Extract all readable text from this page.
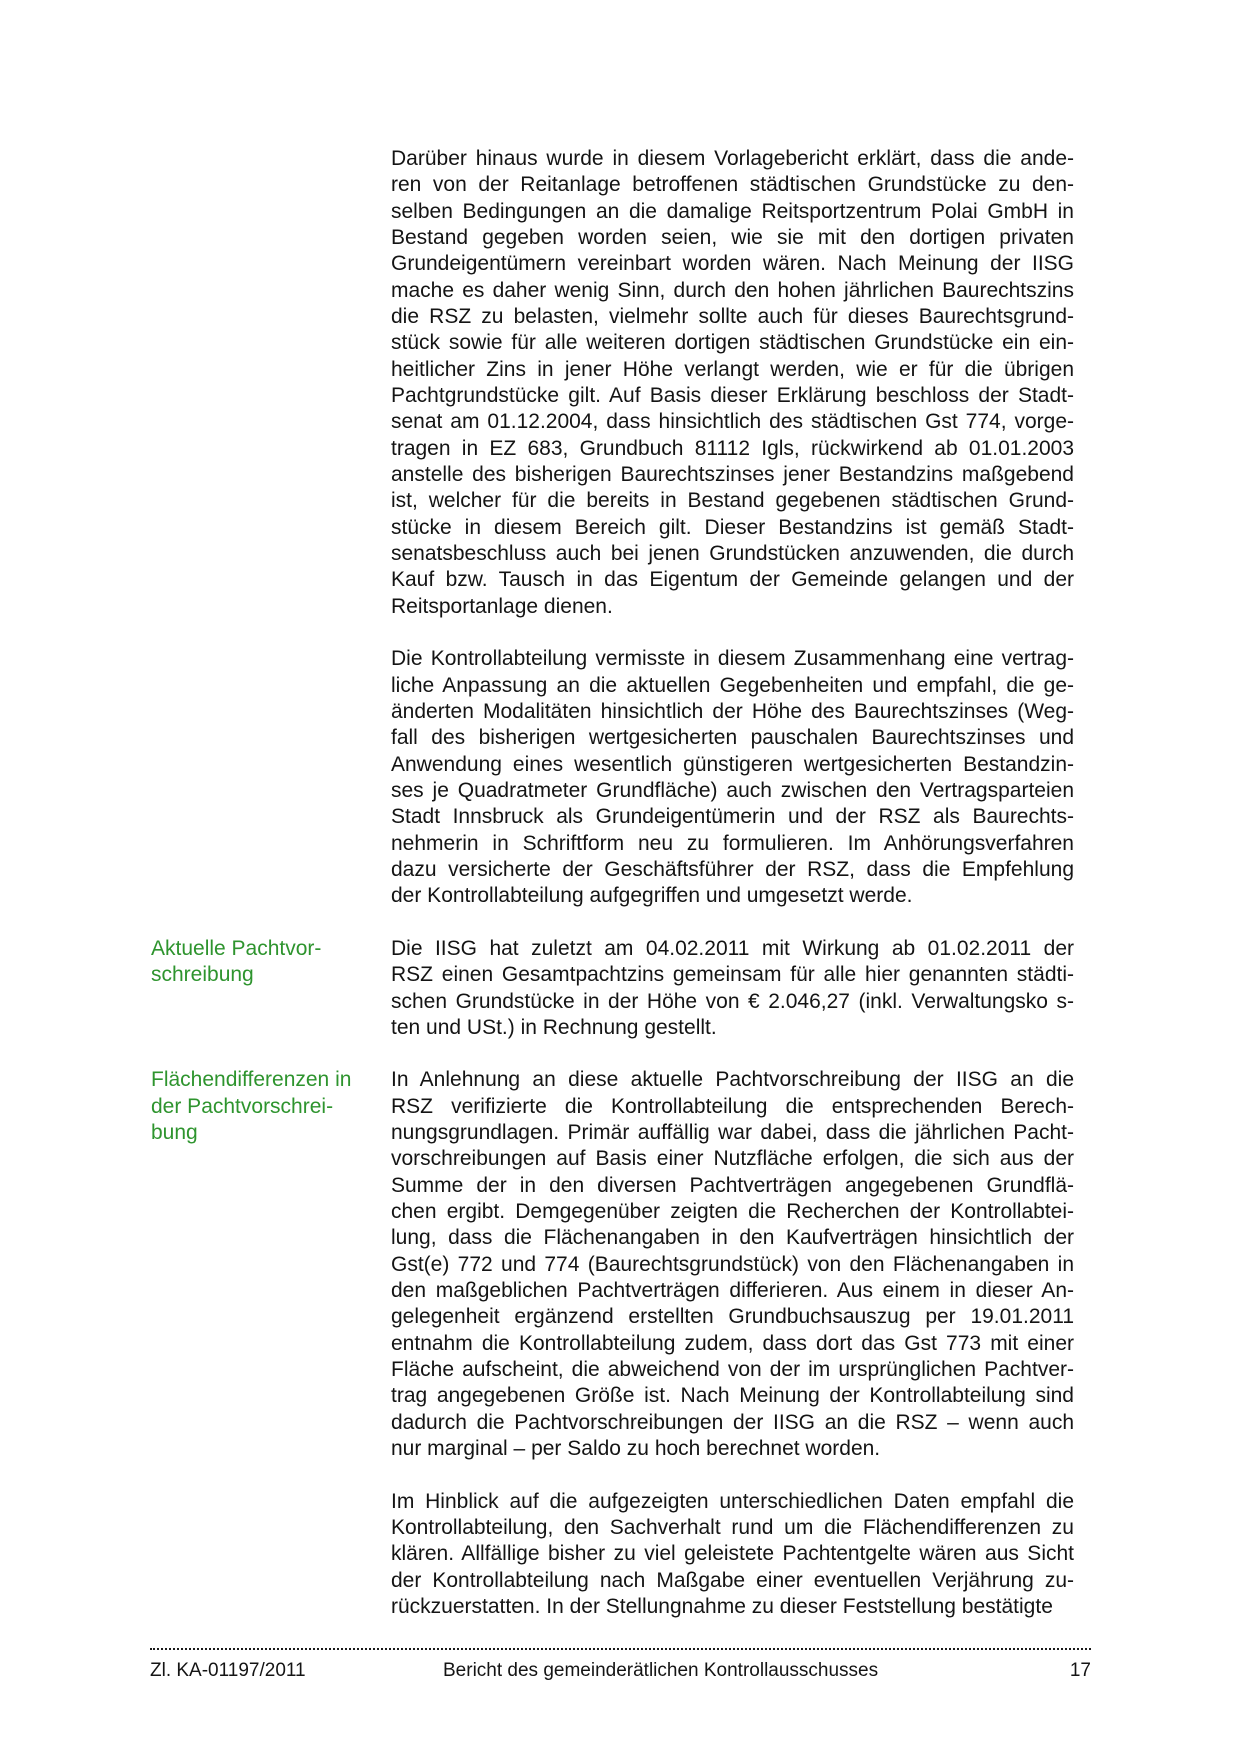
Darüber hinaus wurde in diesem Vorlagebericht erklärt, dass die ande-
ren von der Reitanlage betroffenen städtischen Grundstücke zu den-
selben Bedingungen an die damalige Reitsportzentrum Polai GmbH in
Bestand gegeben worden seien, wie sie mit den dortigen privaten
Grundeigentümern vereinbart worden wären. Nach Meinung der IISG
mache es daher wenig Sinn, durch den hohen jährlichen Baurechtszins
die RSZ zu belasten, vielmehr sollte auch für dieses Baurechtsgrund-
stück sowie für alle weiteren dortigen städtischen Grundstücke ein ein-
heitlicher Zins in jener Höhe verlangt werden, wie er für die übrigen
Pachtgrundstücke gilt. Auf Basis dieser Erklärung beschloss der Stadt-
senat am 01.12.2004, dass hinsichtlich des städtischen Gst 774, vorge-
tragen in EZ 683, Grundbuch 81112 Igls, rückwirkend ab 01.01.2003
anstelle des bisherigen Baurechtszinses jener Bestandzins maßgebend
ist, welcher für die bereits in Bestand gegebenen städtischen Grund-
stücke in diesem Bereich gilt. Dieser Bestandzins ist gemäß Stadt-
senatsbeschluss auch bei jenen Grundstücken anzuwenden, die durch
Kauf bzw. Tausch in das Eigentum der Gemeinde gelangen und der
Reitsportanlage dienen.
Die Kontrollabteilung vermisste in diesem Zusammenhang eine vertrag-
liche Anpassung an die aktuellen Gegebenheiten und empfahl, die ge-
änderten Modalitäten hinsichtlich der Höhe des Baurechtszinses (Weg-
fall des bisherigen wertgesicherten pauschalen Baurechtszinses und
Anwendung eines wesentlich günstigeren wertgesicherten Bestandzin-
ses je Quadratmeter Grundfläche) auch zwischen den Vertragsparteien
Stadt Innsbruck als Grundeigentümerin und der RSZ als Baurechts-
nehmerin in Schriftform neu zu formulieren. Im Anhörungsverfahren
dazu versicherte der Geschäftsführer der RSZ, dass die Empfehlung
der Kontrollabteilung aufgegriffen und umgesetzt werde.
Aktuelle Pachtvor-
schreibung
Die IISG hat zuletzt am 04.02.2011 mit Wirkung ab 01.02.2011 der
RSZ einen Gesamtpachtzins gemeinsam für alle hier genannten städti-
schen Grundstücke in der Höhe von € 2.046,27 (inkl. Verwaltungsko s-
ten und USt.) in Rechnung gestellt.
Flächendifferenzen in
der Pachtvorschrei-
bung
In Anlehnung an diese aktuelle Pachtvorschreibung der IISG an die
RSZ verifizierte die Kontrollabteilung die entsprechenden Berech-
nungsgrundlagen. Primär auffällig war dabei, dass die jährlichen Pacht-
vorschreibungen auf Basis einer Nutzfläche erfolgen, die sich aus der
Summe der in den diversen Pachtverträgen angegebenen Grundflä-
chen ergibt. Demgegenüber zeigten die Recherchen der Kontrollabtei-
lung, dass die Flächenangaben in den Kaufverträgen hinsichtlich der
Gst(e) 772 und 774 (Baurechtsgrundstück) von den Flächenangaben in
den maßgeblichen Pachtverträgen differieren. Aus einem in dieser An-
gelegenheit ergänzend erstellten Grundbuchsauszug per 19.01.2011
entnahm die Kontrollabteilung zudem, dass dort das Gst 773 mit einer
Fläche aufscheint, die abweichend von der im ursprünglichen Pachtver-
trag angegebenen Größe ist. Nach Meinung der Kontrollabteilung sind
dadurch die Pachtvorschreibungen der IISG an die RSZ – wenn auch
nur marginal – per Saldo zu hoch berechnet worden.
Im Hinblick auf die aufgezeigten unterschiedlichen Daten empfahl die
Kontrollabteilung, den Sachverhalt rund um die Flächendifferenzen zu
klären. Allfällige bisher zu viel geleistete Pachtentgelte wären aus Sicht
der Kontrollabteilung nach Maßgabe einer eventuellen Verjährung zu-
rückzuerstatten. In der Stellungnahme zu dieser Feststellung bestätigte
Zl. KA-01197/2011	Bericht des gemeinderätlichen Kontrollausschusses	17
